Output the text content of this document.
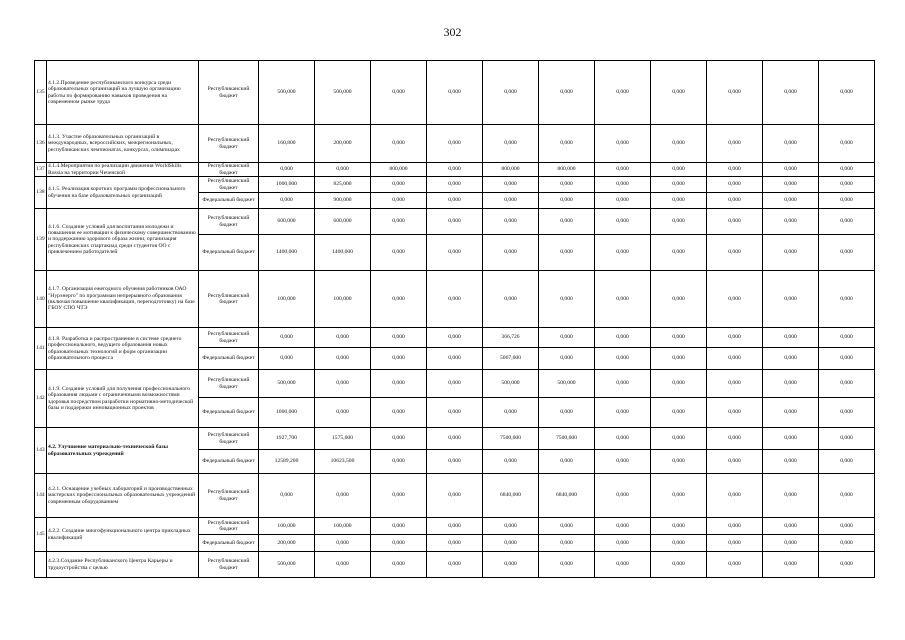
302
135	4.1.2.Проведение республиканского конкурса среди образовательных организаций на лучшую организацию работы по формированию навыков проведения на современном рынке труда	Республиканский бюджет	500,000	500,000	0,000	0,000	0,000	0,000	0,000	0,000	0,000	0,000	0,000
136	4.1.3. Участие образовательных организаций в международных, всероссийских, межрегиональных, республиканских чемпионатах, конкурсах, олимпиадах	Республиканский бюджет	160,800	200,000	0,000	0,000	0,000	0,000	0,000	0,000	0,000	0,000	0,000
137	4.1.4.Мероприятия по реализации движения WorldSkills Russia на территории Чеченской	Республиканский бюджет	0,000	0,000	800,000	0,000	800,000	800,000	0,000	0,000	0,000	0,000	0,000
138	4.1.5. Реализация коротких программ профессионального обучения на базе образовательных организаций	Республиканский бюджет	1000,000	825,000	0,000	0,000	0,000	0,000	0,000	0,000	0,000	0,000	0,000
		Федеральный бюджет	0,000	900,000	0,000	0,000	0,000	0,000	0,000	0,000	0,000	0,000	0,000
139	4.1.6. Создание условий для воспитания молодежи и повышения ее мотивации к физическому совершенствованию и поддержанию здорового образа жизни, организация республиканских спартакиад среди студентов ОО с привлечением работодателей	Республиканский бюджет	600,000	600,000	0,000	0,000	0,000	0,000	0,000	0,000	0,000	0,000	0,000
		Федеральный бюджет	1400,000	1400,000	0,000	0,000	0,000	0,000	0,000	0,000	0,000	0,000	0,000
140	4.1.7. Организация ежегодного обучения работников ОАО "Нурэнерго" по программам непрерывного образования (включая повышение квалификации, переподготовку) на базе ГБОУ СПО ЧТЭ	Республиканский бюджет	100,000	100,000	0,000	0,000	0,000	0,000	0,000	0,000	0,000	0,000	0,000
141	4.1.8. Разработка и распространение в системе среднего профессионального, ведущего образования новых образовательных технологий и форм организации образовательного процесса	Республиканский бюджет	0,000	0,000	0,000	0,000	366,726	0,000	0,000	0,000	0,000	0,000	0,000
		Федеральный бюджет	0,000	0,000	0,000	0,000	5067,000	0,000	0,000	0,000	0,000	0,000	0,000
142	4.1.9. Создание условий для получения профессионального образования людьми с ограниченными возможностями здоровья посредством разработки нормативно-методической базы и поддержки инновационных проектов	Республиканский бюджет	500,000	0,000	0,000	0,000	500,000	500,000	0,000	0,000	0,000	0,000	0,000
		Федеральный бюджет	1000,000	0,000	0,000	0,000	0,000	0,000	0,000	0,000	0,000	0,000	0,000
143	4.2. Улучшение материально-технической базы образовательных учреждений	Республиканский бюджет	1927,700	1575,000	0,000	0,000	7500,000	7500,000	0,000	0,000	0,000	0,000	0,000
		Федеральный бюджет	12589,200	10623,500	0,000	0,000	0,000	0,000	0,000	0,000	0,000	0,000	0,000
144	4.2.1. Оснащение учебных лабораторий и производственных мастерских профессиональных образовательных учреждений современным оборудованием	Республиканский бюджет	0,000	0,000	0,000	0,000	6840,000	6840,000	0,000	0,000	0,000	0,000	0,000
145	4.2.2. Создание многофункционального центра прикладных квалификаций	Республиканский бюджет	100,000	100,000	0,000	0,000	0,000	0,000	0,000	0,000	0,000	0,000	0,000
		Федеральный бюджет	200,000	0,000	0,000	0,000	0,000	0,000	0,000	0,000	0,000	0,000	0,000
	4.2.3.Создание Республиканского Центра Карьеры и трудоустройства с целью	Республиканский бюджет	500,000	0,000	0,000	0,000	0,000	0,000	0,000	0,000	0,000	0,000	0,000
